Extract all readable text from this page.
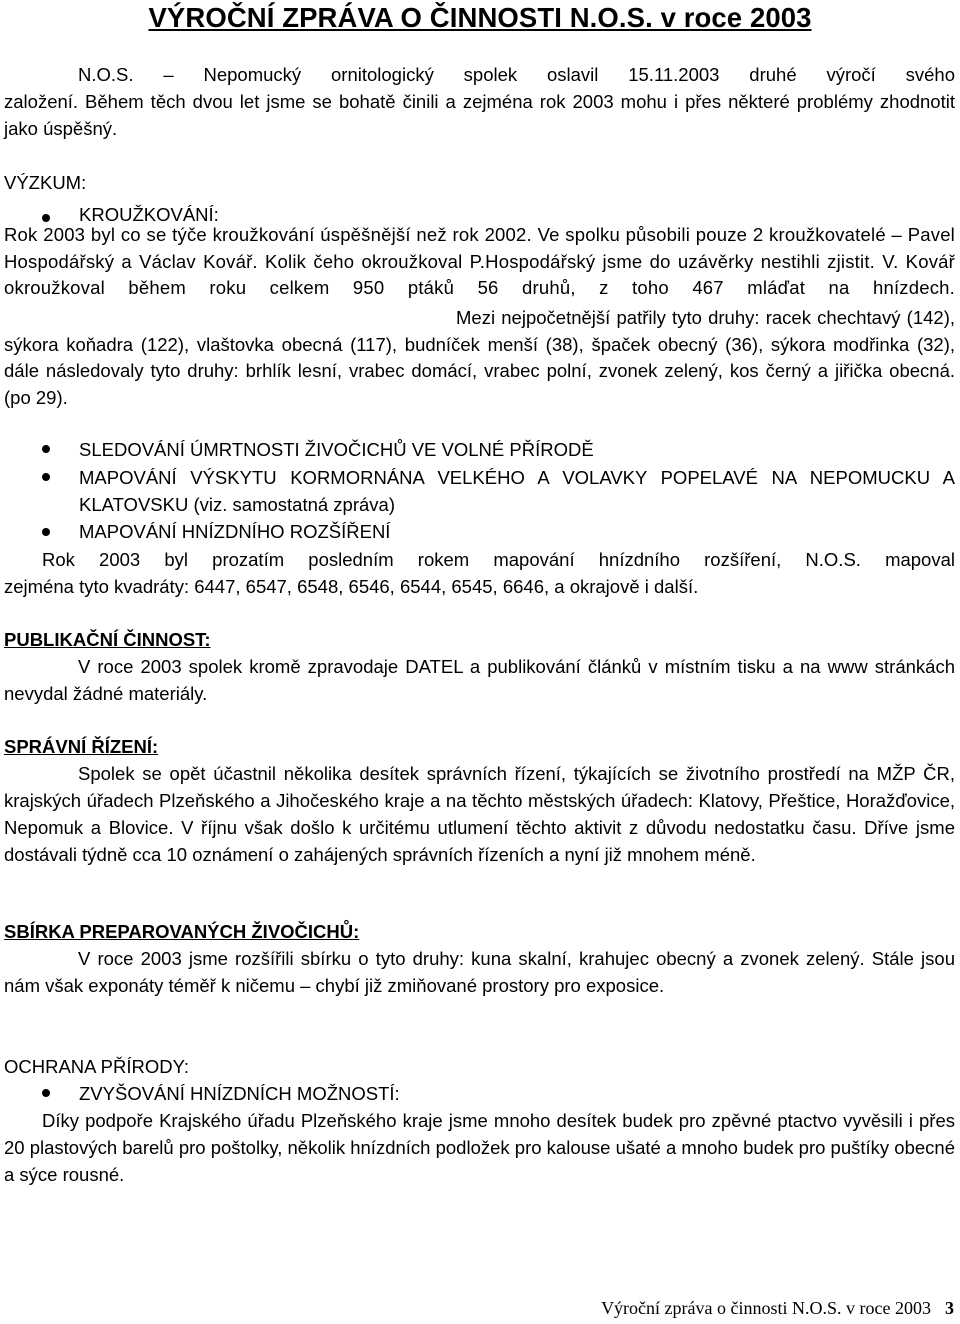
VÝROČNÍ ZPRÁVA O ČINNOSTI N.O.S. v roce 2003

N.O.S. – Nepomucký ornitologický spolek oslavil 15.11.2003 druhé výročí svého

založení. Během těch dvou let jsme se bohatě činili a zejména rok 2003 mohu i přes některé problémy zhodnotit jako úspěšný.

VÝZKUM:

KROUŽKOVÁNÍ:

Rok 2003 byl co se týče kroužkování úspěšnější než rok 2002. Ve spolku působili pouze 2 kroužkovatelé – Pavel Hospodářský a Václav Kovář. Kolik čeho okroužkoval P.Hospodářský jsme do uzávěrky nestihli zjistit. V. Kovář okroužkoval během roku celkem 950 ptáků 56 druhů, z toho 467 mláďat na hnízdech.

Mezi nejpočetnější patřily tyto druhy: racek chechtavý (142), sýkora koňadra (122), vlaštovka obecná (117), budníček menší (38), špaček obecný (36), sýkora modřinka (32), dále následovaly tyto druhy: brhlík lesní, vrabec domácí, vrabec polní, zvonek zelený, kos černý a jiřička obecná. (po 29).

SLEDOVÁNÍ ÚMRTNOSTI ŽIVOČICHŮ VE VOLNÉ PŘÍRODĚ

MAPOVÁNÍ VÝSKYTU KORMORNÁNA VELKÉHO A VOLAVKY POPELAVÉ NA NEPOMUCKU A KLATOVSKU (viz. samostatná zpráva)

MAPOVÁNÍ HNÍZDNÍHO ROZŠÍŘENÍ

Rok 2003 byl prozatím posledním rokem mapování hnízdního rozšíření, N.O.S. mapoval

zejména tyto kvadráty: 6447, 6547, 6548, 6546, 6544, 6545, 6646, a okrajově i další.

PUBLIKAČNÍ ČINNOST:

V roce 2003 spolek kromě zpravodaje DATEL a publikování článků v místním tisku a na www stránkách nevydal žádné materiály.

SPRÁVNÍ ŘÍZENÍ:

Spolek se opět účastnil několika desítek správních řízení, týkajících se životního prostředí na MŽP ČR, krajských úřadech Plzeňského a Jihočeského kraje a na těchto městských úřadech: Klatovy, Přeštice, Horažďovice, Nepomuk a Blovice. V říjnu však došlo k určitému utlumení těchto aktivit z důvodu nedostatku času. Dříve jsme dostávali týdně cca 10 oznámení o zahájených správních řízeních a nyní již mnohem méně.

SBÍRKA PREPAROVANÝCH ŽIVOČICHŮ:

V roce 2003 jsme rozšířili sbírku o tyto druhy: kuna skalní, krahujec obecný a zvonek zelený. Stále jsou nám však exponáty téměř k ničemu – chybí již zmiňované prostory pro exposice.

OCHRANA PŘÍRODY:

ZVYŠOVÁNÍ HNÍZDNÍCH MOŽNOSTÍ:

Díky podpoře Krajského úřadu Plzeňského kraje jsme mnoho desítek budek pro zpěvné ptactvo vyvěsili i přes 20 plastových barelů pro poštolky, několik hnízdních podložek pro kalouse ušaté a mnoho budek pro puštíky obecné a sýce rousné.

Výroční zpráva o činnosti N.O.S. v roce 2003 3
